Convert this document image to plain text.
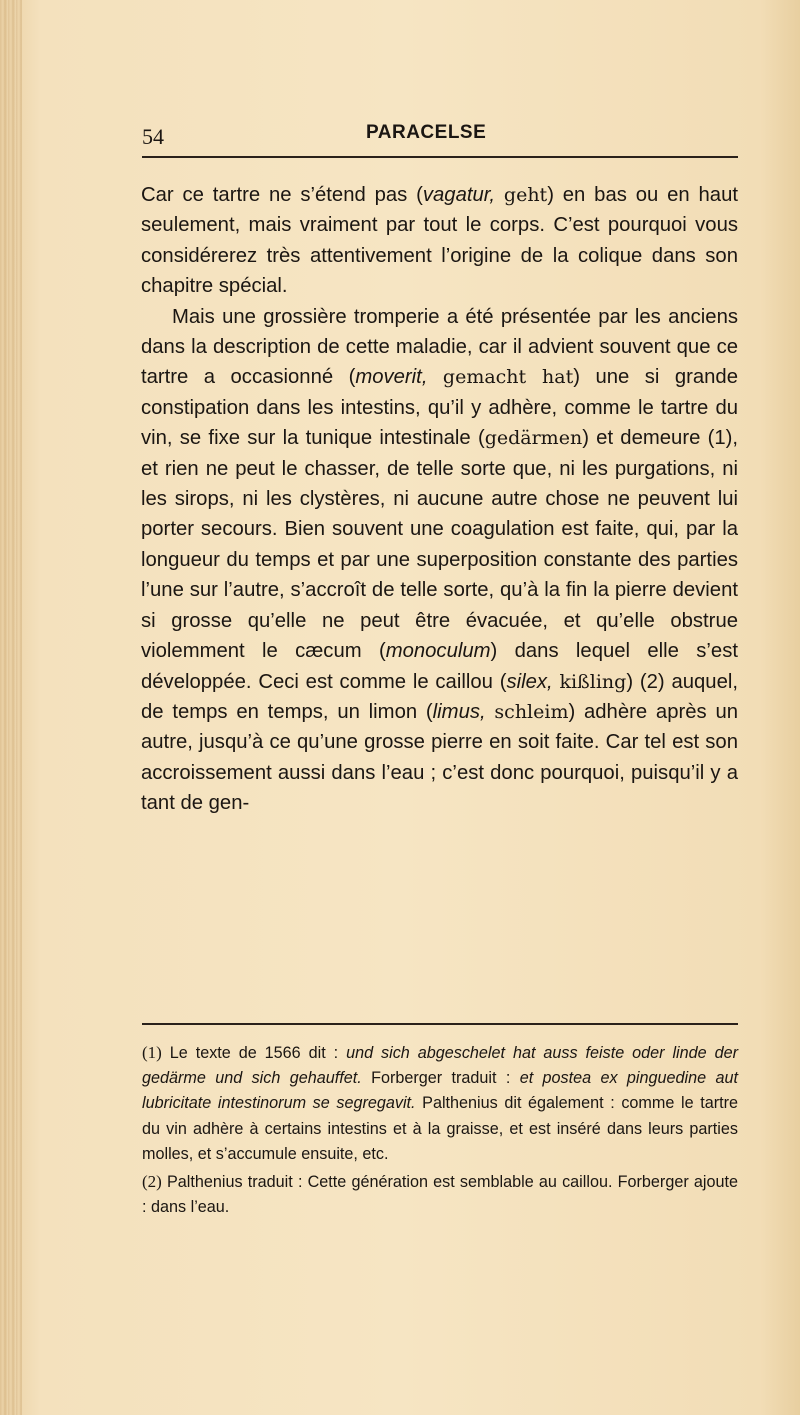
54	PARACELSE

Car ce tartre ne s’étend pas (vagatur, geht) en bas ou en haut seulement, mais vraiment par tout le corps. C’est pourquoi vous considérerez très attentivement l’origine de la colique dans son chapitre spécial.

Mais une grossière tromperie a été présentée par les anciens dans la description de cette maladie, car il advient souvent que ce tartre a occasionné (moverit, gemacht hat) une si grande constipation dans les intestins, qu’il y adhère, comme le tartre du vin, se fixe sur la tunique intestinale (gedärmen) et demeure (1), et rien ne peut le chasser, de telle sorte que, ni les purgations, ni les sirops, ni les clystères, ni aucune autre chose ne peuvent lui porter secours. Bien souvent une coagulation est faite, qui, par la longueur du temps et par une superposition constante des parties l’une sur l’autre, s’accroît de telle sorte, qu’à la fin la pierre devient si grosse qu’elle ne peut être évacuée, et qu’elle obstrue violemment le cæcum (monoculum) dans lequel elle s’est développée. Ceci est comme le caillou (silex, kißling) (2) auquel, de temps en temps, un limon (limus, schleim) adhère après un autre, jusqu’à ce qu’une grosse pierre en soit faite. Car tel est son accroissement aussi dans l’eau ; c’est donc pourquoi, puisqu’il y a tant de gen-

(1) Le texte de 1566 dit : und sich abgeschelet hat auss feiste oder linde der gedärme und sich gehauffet. Forberger traduit : et postea ex pinguedine aut lubricitate intestinorum se segregavit. Palthenius dit également : comme le tartre du vin adhère à certains intestins et à la graisse, et est inséré dans leurs parties molles, et s’accumule ensuite, etc.

(2) Palthenius traduit : Cette génération est semblable au caillou. Forberger ajoute : dans l’eau.
